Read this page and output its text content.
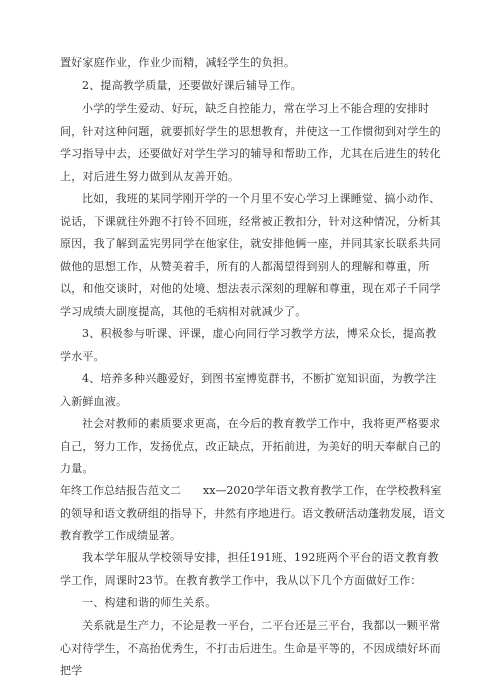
置好家庭作业，作业少而精，减轻学生的负担。

2、提高教学质量，还要做好课后辅导工作。

小学的学生爱动、好玩，缺乏自控能力，常在学习上不能合理的安排时间，针对这种问题，就要抓好学生的思想教育，并使这一工作惯彻到对学生的学习指导中去，还要做好对学生学习的辅导和帮助工作，尤其在后进生的转化上，对后进生努力做到从友善开始。

比如，我班的某同学刚开学的一个月里不安心学习上课睡觉、搞小动作、说话，下课就往外跑不打铃不回班，经常被正教扣分，针对这种情况，分析其原因，我了解到孟宪男同学在他家住，就安排他俩一座，并同其家长联系共同做他的思想工作，从赞美着手，所有的人都渴望得到别人的理解和尊重，所以，和他交谈时，对他的处境、想法表示深刻的理解和尊重，现在邓子千同学学习成绩大副度提高，其他的毛病相对就减少了。

3、积极参与听课、评课，虚心向同行学习教学方法，博采众长，提高教学水平。

4、培养多种兴趣爱好，到图书室博览群书，不断扩宽知识面，为教学注入新鲜血液。

社会对教师的素质要求更高，在今后的教育教学工作中，我将更严格要求自己，努力工作，发扬优点，改正缺点，开拓前进，为美好的明天奉献自己的力量。

年终工作总结报告范文二　　xx—2020学年语文教育教学工作，在学校教科室的领导和语文教研组的指导下，井然有序地进行。语文教研活动蓬勃发展，语文教育教学工作成绩显著。

我本学年服从学校领导安排，担任191班、192班两个平台的语文教育教学工作，周课时23节。在教育教学工作中，我从以下几个方面做好工作：

一、构建和谐的师生关系。

关系就是生产力，不论是教一平台，二平台还是三平台，我都以一颗平常心对待学生，不高抬优秀生，不打击后进生。生命是平等的，不因成绩好坏而把学
